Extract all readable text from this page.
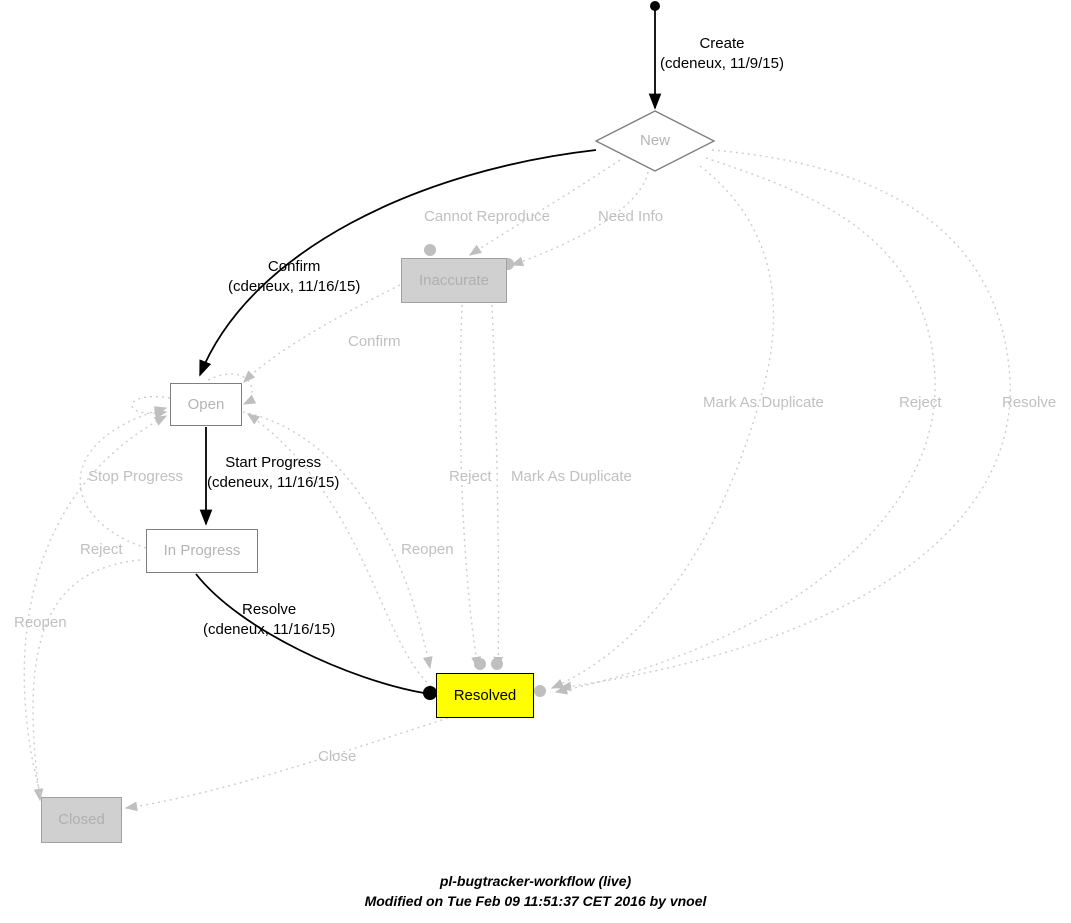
New
Inaccurate
Open
In Progress
Resolved
Closed
Create
(cdeneux, 11/9/15)
Cannot Reproduce	Need Info
Confirm
(cdeneux, 11/16/15)
Confirm
Mark As Duplicate	Reject	Resolve
Stop Progress
Start Progress
(cdeneux, 11/16/15)	Reject Mark As Duplicate
Reject	Reopen
Resolve
(cdeneux, 11/16/15)
Reopen
Close
pl-bugtracker-workflow (live)
Modified on Tue Feb 09 11:51:37 CET 2016 by vnoel
